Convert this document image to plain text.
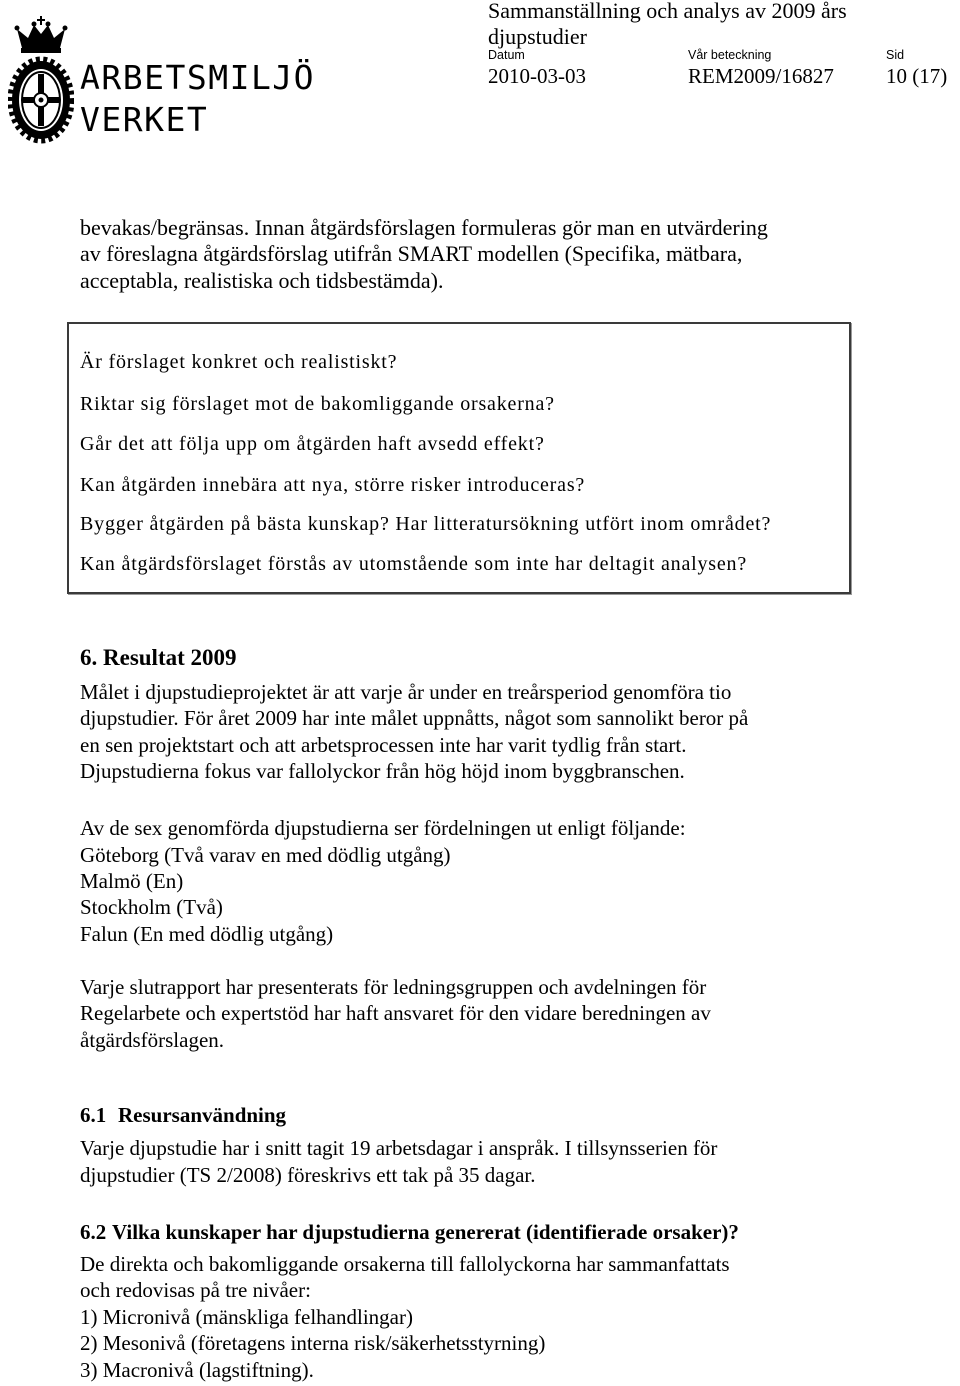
ARBETSMILJÖ
VERKET
Sammanställning och analys av 2009 års
djupstudier
Datum	Vår beteckning	Sid
2010-03-03	REM2009/16827 10 (17)
bevakas/begränsas. Innan åtgärdsförslagen formuleras gör man en utvärdering
av föreslagna åtgärdsförslag utifrån SMART modellen (Specifika, mätbara,
acceptabla, realistiska och tidsbestämda).
Är förslaget konkret och realistiskt?
Riktar sig förslaget mot de bakomliggande orsakerna?
Går det att följa upp om åtgärden haft avsedd effekt?
Kan åtgärden innebära att nya, större risker introduceras?
Bygger åtgärden på bästa kunskap? Har litteratursökning utfört inom området?
Kan åtgärdsförslaget förstås av utomstående som inte har deltagit analysen?
6. Resultat 2009
Målet i djupstudieprojektet är att varje år under en treårsperiod genomföra tio
djupstudier. För året 2009 har inte målet uppnåtts, något som sannolikt beror på
en sen projektstart och att arbetsprocessen inte har varit tydlig från start.
Djupstudierna fokus var fallolyckor från hög höjd inom byggbranschen.
Av de sex genomförda djupstudierna ser fördelningen ut enligt följande:
Göteborg (Två varav en med dödlig utgång)
Malmö (En)
Stockholm (Två)
Falun (En med dödlig utgång)
Varje slutrapport har presenterats för ledningsgruppen och avdelningen för
Regelarbete och expertstöd har haft ansvaret för den vidare beredningen av
åtgärdsförslagen.
6.1 Resursanvändning
Varje djupstudie har i snitt tagit 19 arbetsdagar i anspråk. I tillsynsserien för
djupstudier (TS 2/2008) föreskrivs ett tak på 35 dagar.
6.2 Vilka kunskaper har djupstudierna genererat (identifierade orsaker)?
De direkta och bakomliggande orsakerna till fallolyckorna har sammanfattats
och redovisas på tre nivåer:
1) Micronivå (mänskliga felhandlingar)
2) Mesonivå (företagens interna risk/säkerhetsstyrning)
3) Macronivå (lagstiftning).
